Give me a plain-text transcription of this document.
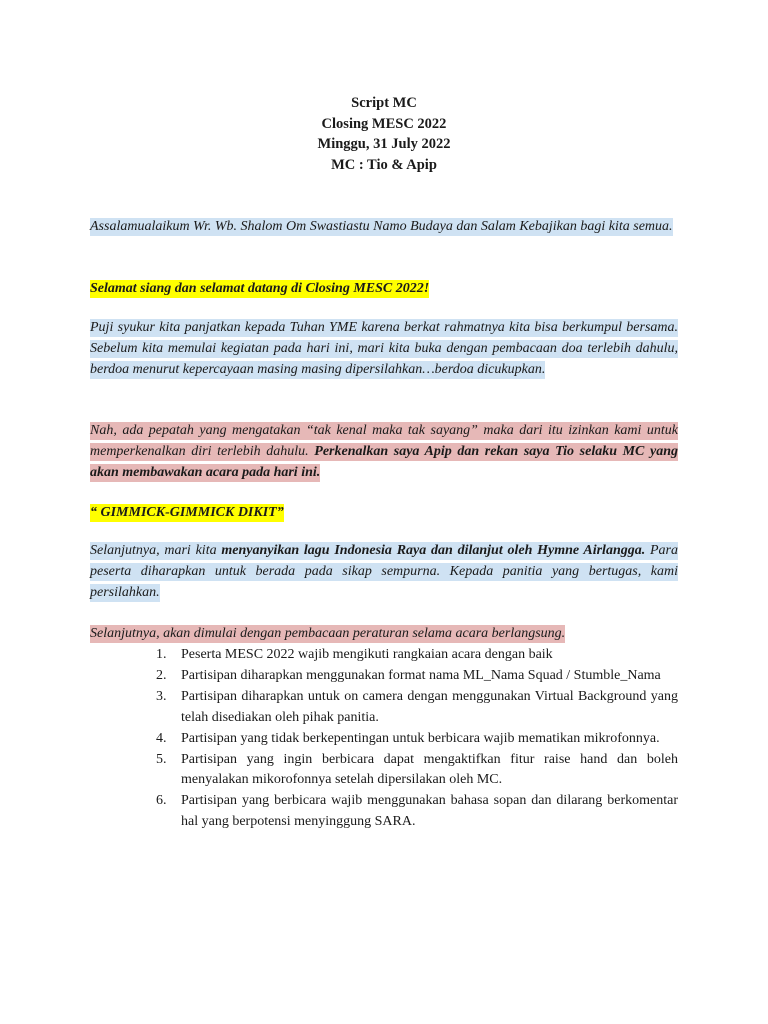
Script MC
Closing MESC 2022
Minggu, 31 July 2022
MC : Tio & Apip
Assalamualaikum Wr. Wb. Shalom Om Swastiastu Namo Budaya dan Salam Kebajikan bagi kita semua.
Selamat siang dan selamat datang di Closing MESC 2022!
Puji syukur kita panjatkan kepada Tuhan YME karena berkat rahmatnya kita bisa berkumpul bersama. Sebelum kita memulai kegiatan pada hari ini, mari kita buka dengan pembacaan doa terlebih dahulu, berdoa menurut kepercayaan masing masing dipersilahkan…berdoa dicukupkan.
Nah, ada pepatah yang mengatakan “tak kenal maka tak sayang” maka dari itu izinkan kami untuk memperkenalkan diri terlebih dahulu. Perkenalkan saya Apip dan rekan saya Tio selaku MC yang akan membawakan acara pada hari ini.
“ GIMMICK-GIMMICK DIKIT”
Selanjutnya, mari kita menyanyikan lagu Indonesia Raya dan dilanjut oleh Hymne Airlangga. Para peserta diharapkan untuk berada pada sikap sempurna. Kepada panitia yang bertugas, kami persilahkan.
Selanjutnya, akan dimulai dengan pembacaan peraturan selama acara berlangsung.
1. Peserta MESC 2022 wajib mengikuti rangkaian acara dengan baik
2. Partisipan diharapkan menggunakan format nama ML_Nama Squad / Stumble_Nama
3. Partisipan diharapkan untuk on camera dengan menggunakan Virtual Background yang telah disediakan oleh pihak panitia.
4. Partisipan yang tidak berkepentingan untuk berbicara wajib mematikan mikrofonnya.
5. Partisipan yang ingin berbicara dapat mengaktifkan fitur raise hand dan boleh menyalakan mikorofonnya setelah dipersilakan oleh MC.
6. Partisipan yang berbicara wajib menggunakan bahasa sopan dan dilarang berkomentar hal yang berpotensi menyinggung SARA.
